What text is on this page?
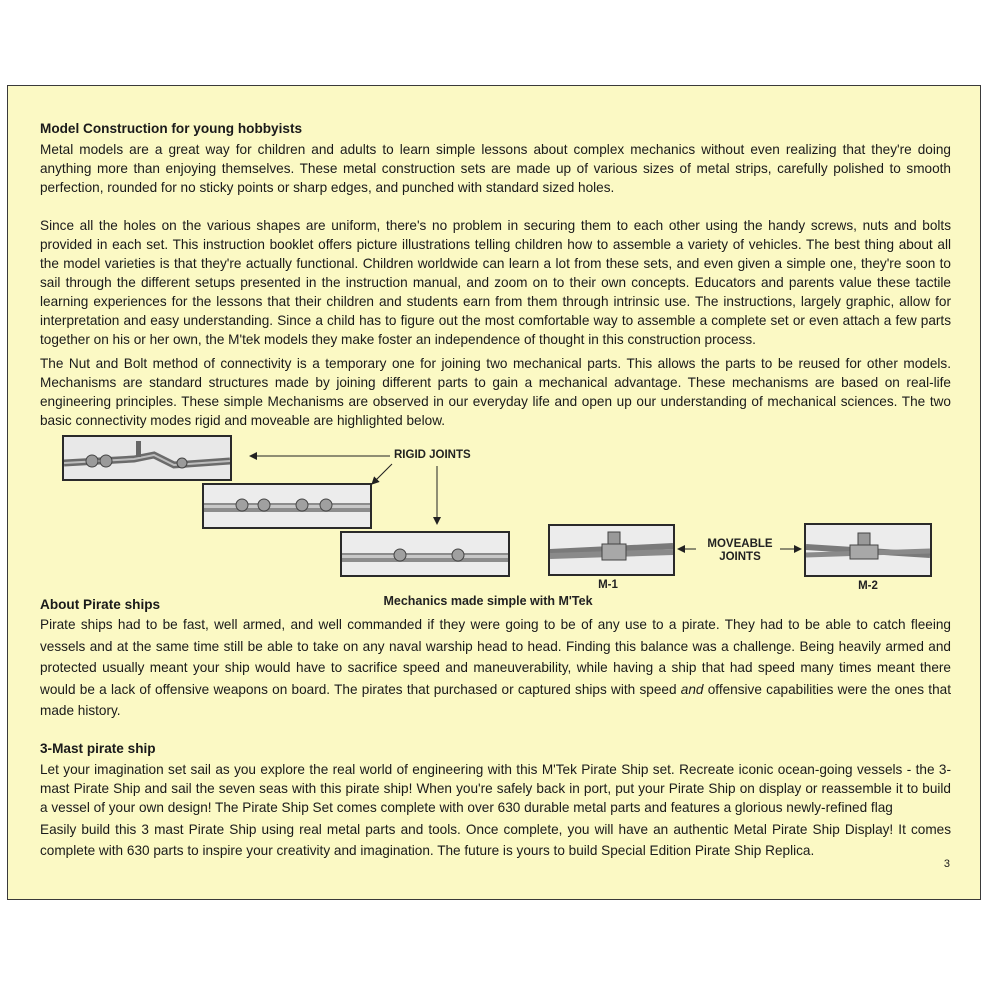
Model Construction for young hobbyists

Metal models are a great way for children and adults to learn simple lessons about complex mechanics without even realizing that they're doing anything more than enjoying themselves. These metal construction sets are made up of various sizes of metal strips, carefully polished to smooth perfection, rounded for no sticky points or sharp edges, and punched with standard sized holes.

Since all the holes on the various shapes are uniform, there's no problem in securing them to each other using the handy screws, nuts and bolts provided in each set. This instruction booklet offers picture illustrations telling children how to assemble a variety of vehicles. The best thing about all the model varieties is that they're actually functional. Children worldwide can learn a lot from these sets, and even given a simple one, they're soon to sail through the different setups presented in the instruction manual, and zoom on to their own concepts. Educators and parents value these tactile learning experiences for the lessons that their children and students earn from them through intrinsic use. The instructions, largely graphic, allow for interpretation and easy understanding. Since a child has to figure out the most comfortable way to assemble a complete set or even attach a few parts together on his or her own, the M'tek models they make foster an independence of thought in this construction process.

The Nut and Bolt method of connectivity is a temporary one for joining two mechanical parts. This allows the parts to be reused for other models. Mechanisms are standard structures made by joining different parts to gain a mechanical advantage. These mechanisms are based on real-life engineering principles. These simple Mechanisms are observed in our everyday life and open up our understanding of mechanical sciences. The two basic connectivity modes rigid and moveable are highlighted below.

RIGID JOINTS
MOVEABLE
JOINTS
M-1	M-2
Mechanics made simple with M'Tek

About Pirate ships

Pirate ships had to be fast, well armed, and well commanded if they were going to be of any use to a pirate. They had to be able to catch fleeing vessels and at the same time still be able to take on any naval warship head to head. Finding this balance was a challenge. Being heavily armed and protected usually meant your ship would have to sacrifice speed and maneuverability, while having a ship that had speed many times meant there would be a lack of offensive weapons on board. The pirates that purchased or captured ships with speed and offensive capabilities were the ones that made history.

3-Mast pirate ship

Let your imagination set sail as you explore the real world of engineering with this M'Tek Pirate Ship set. Recreate iconic ocean-going vessels - the 3-mast Pirate Ship and sail the seven seas with this pirate ship! When you're safely back in port, put your Pirate Ship on display or reassemble it to build a vessel of your own design! The Pirate Ship Set comes complete with over 630 durable metal parts and features a glorious newly-refined flag

Easily build this 3 mast Pirate Ship using real metal parts and tools. Once complete, you will have an authentic Metal Pirate Ship Display! It comes complete with 630 parts to inspire your creativity and imagination. The future is yours to build Special Edition Pirate Ship Replica.

3
